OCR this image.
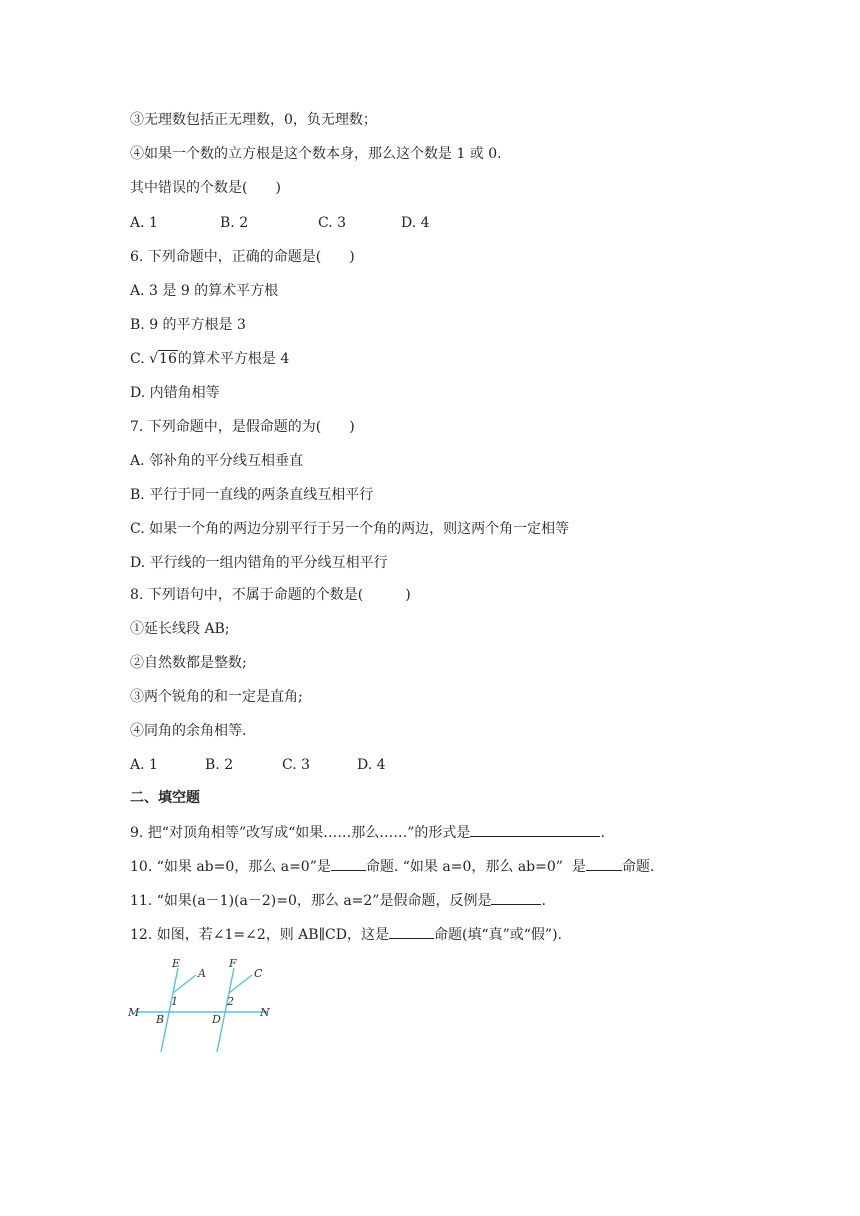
③无理数包括正无理数，0，负无理数；
④如果一个数的立方根是这个数本身，那么这个数是 1 或 0.
其中错误的个数是(　　)
A. 1	B. 2	C. 3	D. 4
6. 下列命题中，正确的命题是(　　)
A. 3 是 9 的算术平方根
B. 9 的平方根是 3
C. √16的算术平方根是 4
D. 内错角相等
7. 下列命题中，是假命题的为(　　)
A. 邻补角的平分线互相垂直
B. 平行于同一直线的两条直线互相平行
C. 如果一个角的两边分别平行于另一个角的两边，则这两个角一定相等
D. 平行线的一组内错角的平分线互相平行
8. 下列语句中，不属于命题的个数是(　　　)
①延长线段 AB;
②自然数都是整数;
③两个锐角的和一定是直角;
④同角的余角相等.
A. 1	B. 2	C. 3	D. 4
二、填空题
9. 把“对顶角相等”改写成“如果……那么……”的形式是	.
10. “如果 ab=0，那么 a=0”是	命题. “如果 a=0，那么 ab=0”  是	命题.
11. “如果(a－1)(a－2)=0，那么 a=2”是假命题，反例是	.
12. 如图，若∠1=∠2，则 AB∥CD，这是	命题(填“真”或“假”).
E
A
F
C
M	N
B	D
1	2
